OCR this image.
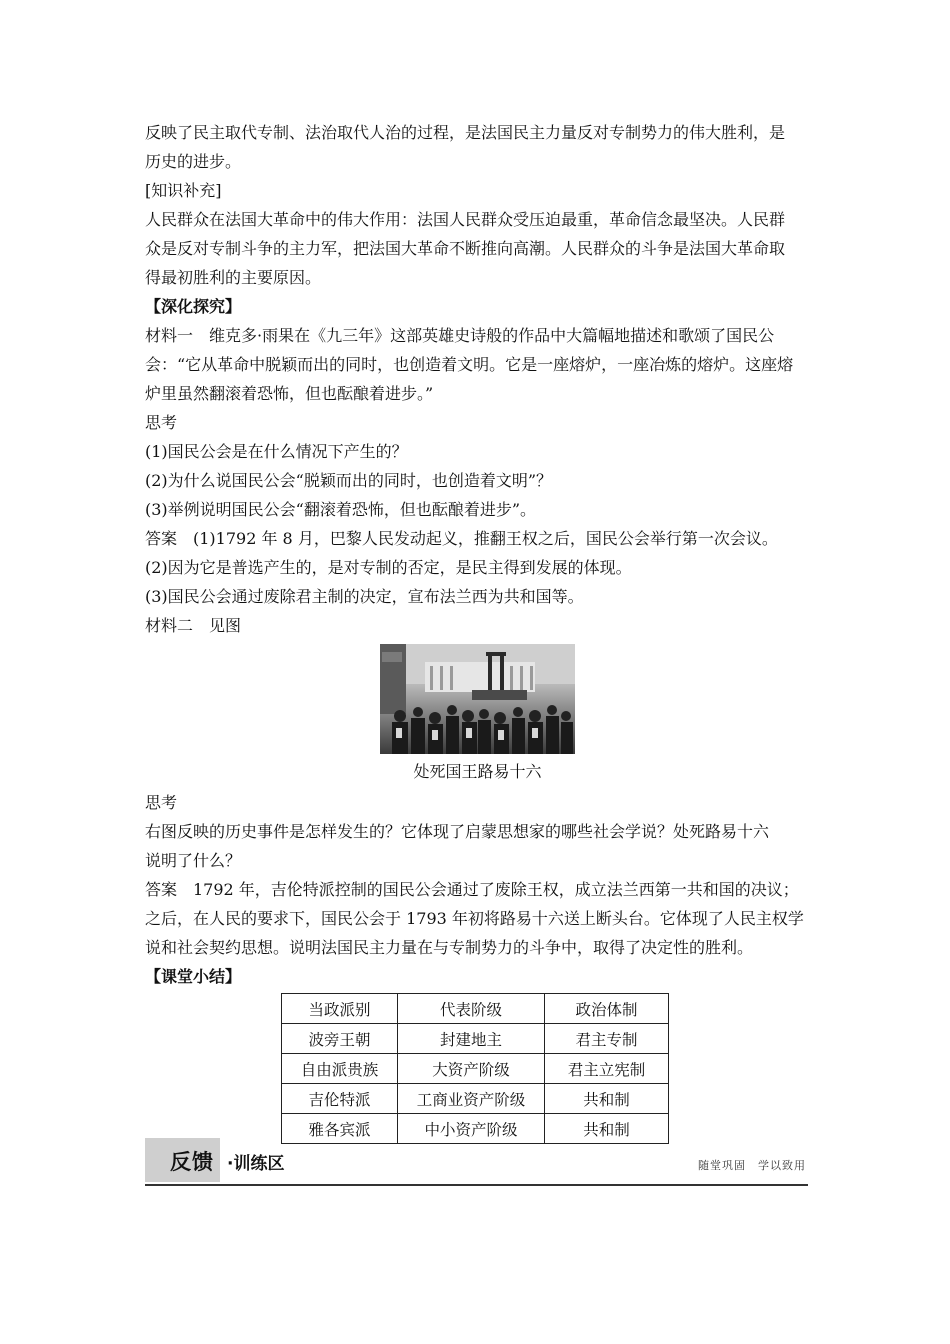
反映了民主取代专制、法治取代人治的过程，是法国民主力量反对专制势力的伟大胜利，是
历史的进步。
[知识补充]
人民群众在法国大革命中的伟大作用：法国人民群众受压迫最重，革命信念最坚决。人民群
众是反对专制斗争的主力军，把法国大革命不断推向高潮。人民群众的斗争是法国大革命取
得最初胜利的主要原因。
【深化探究】
材料一　维克多·雨果在《九三年》这部英雄史诗般的作品中大篇幅地描述和歌颂了国民公
会：“它从革命中脱颖而出的同时，也创造着文明。它是一座熔炉，一座冶炼的熔炉。这座熔
炉里虽然翻滚着恐怖，但也酝酿着进步。”
思考
(1)国民公会是在什么情况下产生的？
(2)为什么说国民公会“脱颖而出的同时，也创造着文明”？
(3)举例说明国民公会“翻滚着恐怖，但也酝酿着进步”。
答案　(1)1792 年 8 月，巴黎人民发动起义，推翻王权之后，国民公会举行第一次会议。
(2)因为它是普选产生的，是对专制的否定，是民主得到发展的体现。
(3)国民公会通过废除君主制的决定，宣布法兰西为共和国等。
材料二　见图
处死国王路易十六
思考
右图反映的历史事件是怎样发生的？它体现了启蒙思想家的哪些社会学说？处死路易十六
说明了什么？
答案　1792 年，吉伦特派控制的国民公会通过了废除王权，成立法兰西第一共和国的决议；
之后，在人民的要求下，国民公会于 1793 年初将路易十六送上断头台。它体现了人民主权学
说和社会契约思想。说明法国民主力量在与专制势力的斗争中，取得了决定性的胜利。
【课堂小结】
当政派别	代表阶级	政治体制
波旁王朝	封建地主	君主专制
自由派贵族	大资产阶级	君主立宪制
吉伦特派	工商业资产阶级	共和制
雅各宾派	中小资产阶级	共和制
反馈 ·训练区	随堂巩固　学以致用
